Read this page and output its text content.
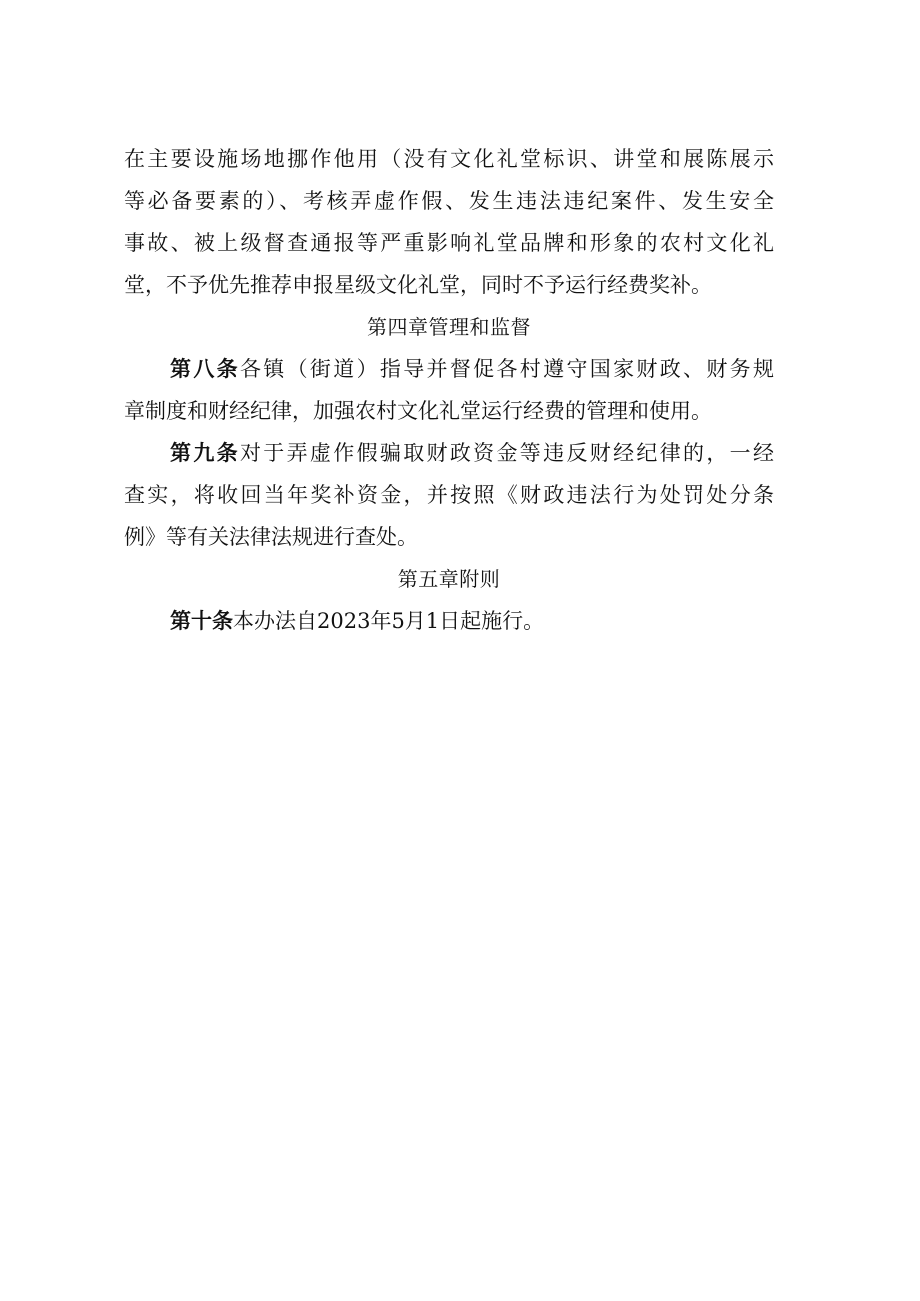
在主要设施场地挪作他用（没有文化礼堂标识、讲堂和展陈展示
等必备要素的）、考核弄虚作假、发生违法违纪案件、发生安全
事故、被上级督查通报等严重影响礼堂品牌和形象的农村文化礼
堂，不予优先推荐申报星级文化礼堂，同时不予运行经费奖补。
第四章管理和监督
第八条各镇（街道）指导并督促各村遵守国家财政、财务规
章制度和财经纪律，加强农村文化礼堂运行经费的管理和使用。
第九条对于弄虚作假骗取财政资金等违反财经纪律的，一经
查实，将收回当年奖补资金，并按照《财政违法行为处罚处分条
例》等有关法律法规进行查处。
第五章附则
第十条本办法自2023年5月1日起施行。
